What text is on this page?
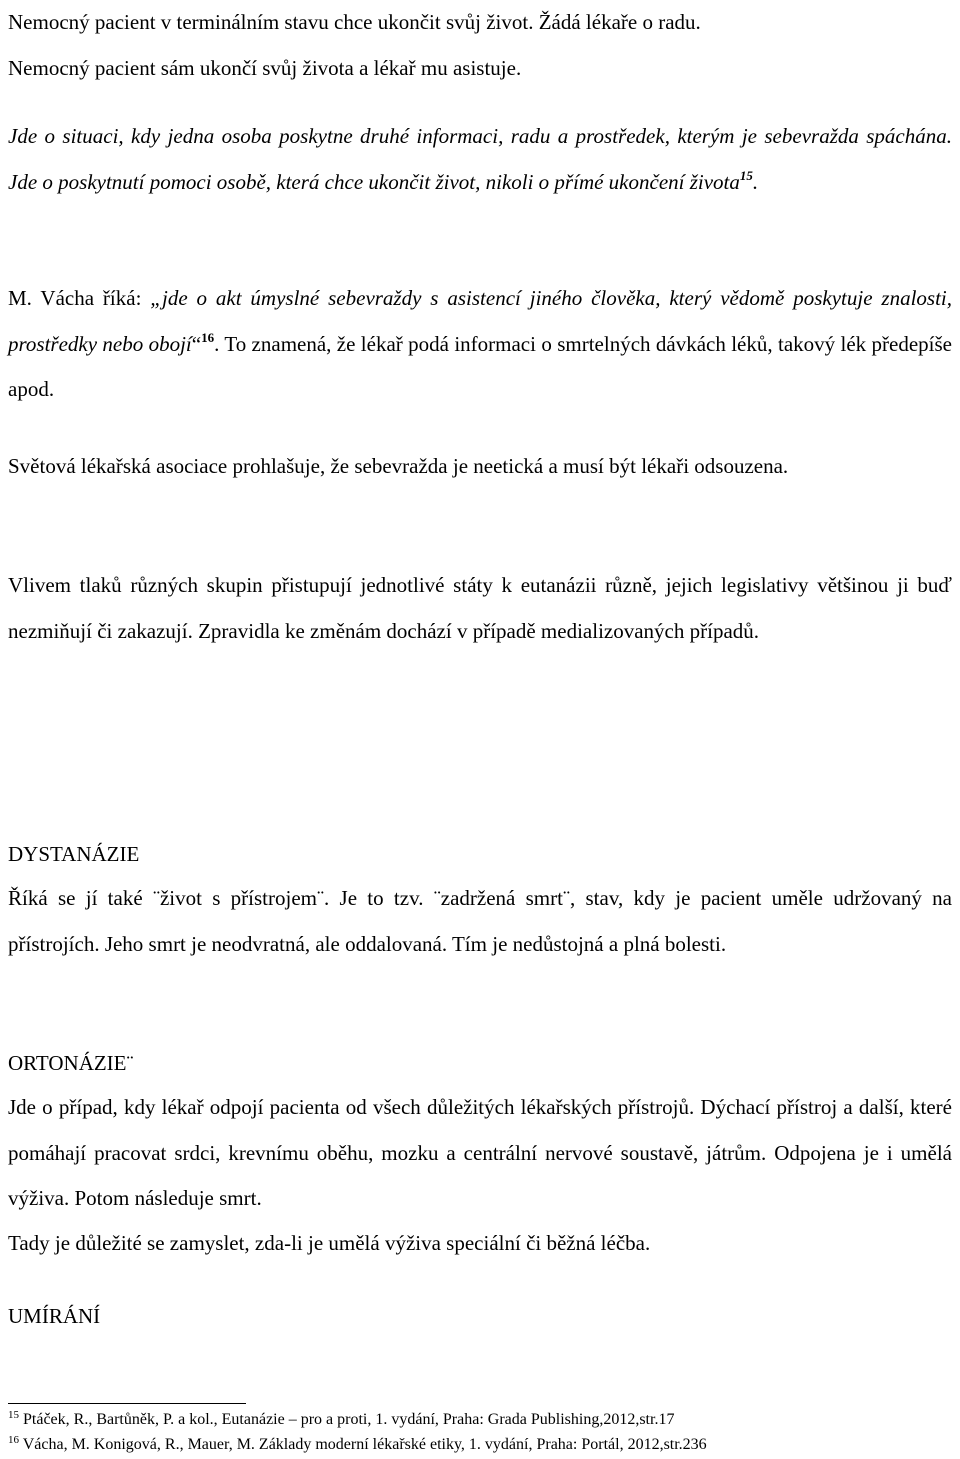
Nemocný pacient v terminálním stavu chce ukončit svůj život. Žádá lékaře o radu.
Nemocný pacient sám ukončí svůj života a lékař mu asistuje.

Jde o situaci, kdy jedna osoba poskytne druhé informaci, radu a prostředek, kterým je sebevražda spáchána. Jde o poskytnutí pomoci osobě, která chce ukončit život, nikoli o přímé ukončení života$^{15}$.

M. Vácha říká: „jde o akt úmyslné sebevraždy s asistencí jiného člověka, který vědomě poskytuje znalosti, prostředky nebo obojí“$^{16}$. To znamená, že lékař podá informaci o smrtelných dávkách léků, takový lék předepíše apod.

Světová lékařská asociace prohlašuje, že sebevražda je neetická a musí být lékaři odsouzena.

Vlivem tlaků různých skupin přistupují jednotlivé státy k eutanázii různě, jejich legislativy většinou ji buď nezmiňují či zakazují. Zpravidla ke změnám dochází v případě medializovaných případů.

DYSTANÁZIE

Říká se jí také ¨život s přístrojem¨. Je to tzv. ¨zadržená smrt¨, stav, kdy je pacient uměle udržovaný na přístrojích. Jeho smrt je neodvratná, ale oddalovaná. Tím je nedůstojná a plná bolesti.

ORTONÁZIE¨

Jde o případ, kdy lékař odpojí pacienta od všech důležitých lékařských přístrojů. Dýchací přístroj a další, které pomáhají pracovat srdci, krevnímu oběhu, mozku a centrální nervové soustavě, játrům. Odpojena je i umělá výživa. Potom následuje smrt.

Tady je důležité se zamyslet, zda-li je umělá výživa speciální či běžná léčba.

UMÍRÁNÍ

$^{15}$ Ptáček, R., Bartůněk, P. a kol., Eutanázie – pro a proti, 1. vydání, Praha: Grada Publishing,2012,str.17

$^{16}$ Vácha, M. Konigová, R., Mauer, M. Základy moderní lékařské etiky, 1. vydání, Praha: Portál, 2012,str.236
